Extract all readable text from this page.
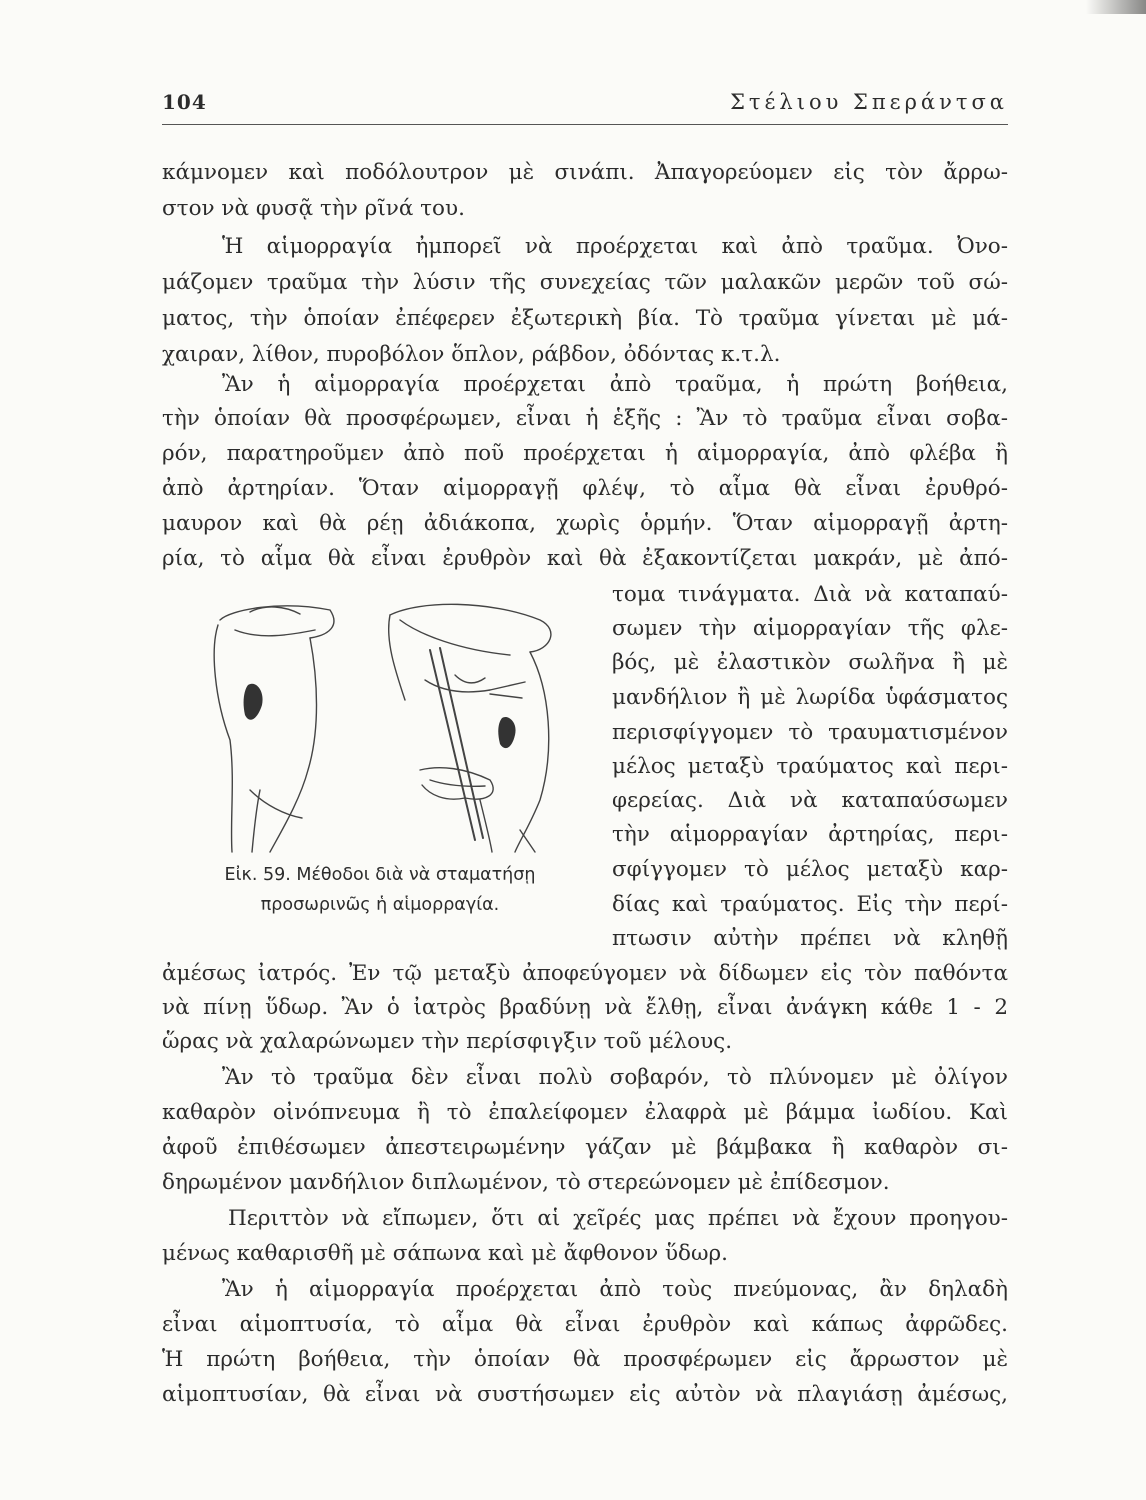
104	Στέλιου Σπεράντσα
κάμνομεν καὶ ποδόλουτρον μὲ σινάπι. Ἀπαγορεύομεν εἰς τὸν ἄρρω-
στον νὰ φυσᾷ τὴν ρῖνά του.
Ἡ αἱμορραγία ἠμπορεῖ νὰ προέρχεται καὶ ἀπὸ τραῦμα. Ὀνο-
μάζομεν τραῦμα τὴν λύσιν τῆς συνεχείας τῶν μαλακῶν μερῶν τοῦ σώ-
ματος, τὴν ὁποίαν ἐπέφερεν ἐξωτερικὴ βία. Τὸ τραῦμα γίνεται μὲ μά-
χαιραν, λίθον, πυροβόλον ὅπλον, ράβδον, ὀδόντας κ.τ.λ.
Ἂν ἡ αἱμορραγία προέρχεται ἀπὸ τραῦμα, ἡ πρώτη βοήθεια,
τὴν ὁποίαν θὰ προσφέρωμεν, εἶναι ἡ ἑξῆς : Ἂν τὸ τραῦμα εἶναι σοβα-
ρόν, παρατηροῦμεν ἀπὸ ποῦ προέρχεται ἡ αἱμορραγία, ἀπὸ φλέβα ἢ
ἀπὸ ἀρτηρίαν. Ὅταν αἱμορραγῇ φλέψ, τὸ αἷμα θὰ εἶναι ἐρυθρό-
μαυρον καὶ θὰ ρέῃ ἀδιάκοπα, χωρὶς ὁρμήν. Ὅταν αἱμορραγῇ ἀρτη-
ρία, τὸ αἷμα θὰ εἶναι ἐρυθρὸν καὶ θὰ ἐξακοντίζεται μακράν, μὲ ἀπό-
τομα τινάγματα. Διὰ νὰ καταπαύ-
σωμεν τὴν αἱμορραγίαν τῆς φλε-
βός, μὲ ἐλαστικὸν σωλῆνα ἢ μὲ
μανδήλιον ἢ μὲ λωρίδα ὑφάσματος
περισφίγγομεν τὸ τραυματισμένον
μέλος μεταξὺ τραύματος καὶ περι-
φερείας. Διὰ νὰ καταπαύσωμεν
τὴν αἱμορραγίαν ἀρτηρίας, περι-
σφίγγομεν τὸ μέλος μεταξὺ καρ-
δίας καὶ τραύματος. Εἰς τὴν περί-
πτωσιν αὐτὴν πρέπει νὰ κληθῇ
Εἰκ. 59. Μέθοδοι διὰ νὰ σταματήσῃ
προσωρινῶς ἡ αἱμορραγία.
ἀμέσως ἰατρός. Ἐν τῷ μεταξὺ ἀποφεύγομεν νὰ δίδωμεν εἰς τὸν παθόντα
νὰ πίνῃ ὕδωρ. Ἂν ὁ ἰατρὸς βραδύνῃ νὰ ἔλθῃ, εἶναι ἀνάγκη κάθε 1 - 2
ὥρας νὰ χαλαρώνωμεν τὴν περίσφιγξιν τοῦ μέλους.
Ἂν τὸ τραῦμα δὲν εἶναι πολὺ σοβαρόν, τὸ πλύνομεν μὲ ὀλίγον
καθαρὸν οἰνόπνευμα ἢ τὸ ἐπαλείφομεν ἐλαφρὰ μὲ βάμμα ἰωδίου. Καὶ
ἀφοῦ ἐπιθέσωμεν ἀπεστειρωμένην γάζαν μὲ βάμβακα ἢ καθαρὸν σι-
δηρωμένον μανδήλιον διπλωμένον, τὸ στερεώνομεν μὲ ἐπίδεσμον.
Περιττὸν νὰ εἴπωμεν, ὅτι αἱ χεῖρές μας πρέπει νὰ ἔχουν προηγου-
μένως καθαρισθῆ μὲ σάπωνα καὶ μὲ ἄφθονον ὕδωρ.
Ἂν ἡ αἱμορραγία προέρχεται ἀπὸ τοὺς πνεύμονας, ἂν δηλαδὴ
εἶναι αἱμοπτυσία, τὸ αἷμα θὰ εἶναι ἐρυθρὸν καὶ κάπως ἀφρῶδες.
Ἡ πρώτη βοήθεια, τὴν ὁποίαν θὰ προσφέρωμεν εἰς ἄρρωστον μὲ
αἱμοπτυσίαν, θὰ εἶναι νὰ συστήσωμεν εἰς αὐτὸν νὰ πλαγιάσῃ ἀμέσως,
